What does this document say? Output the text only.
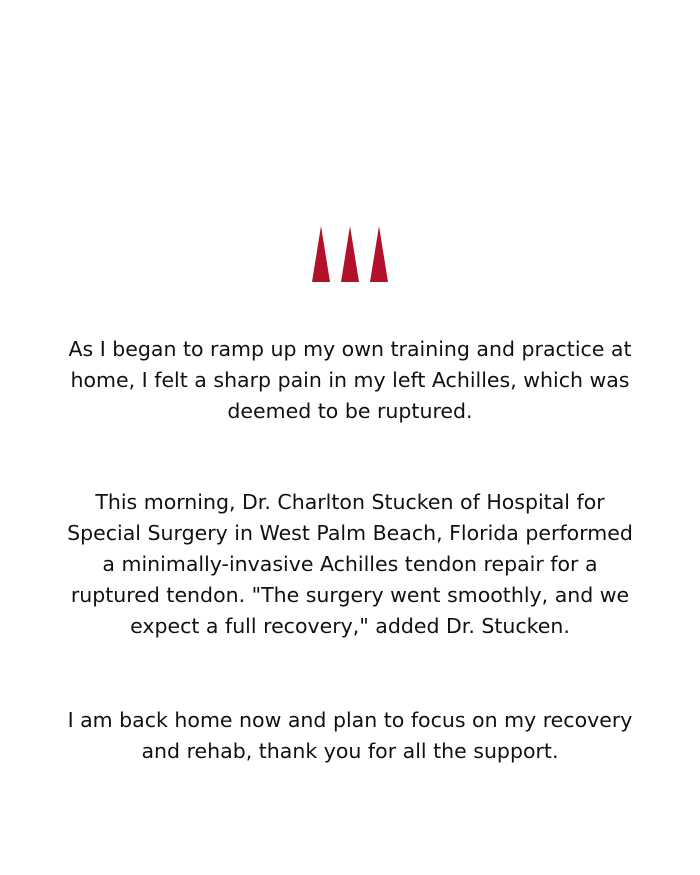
As I began to ramp up my own training and practice at home, I felt a sharp pain in my left Achilles, which was deemed to be ruptured.

This morning, Dr. Charlton Stucken of Hospital for Special Surgery in West Palm Beach, Florida performed a minimally-invasive Achilles tendon repair for a ruptured tendon. "The surgery went smoothly, and we expect a full recovery," added Dr. Stucken.

I am back home now and plan to focus on my recovery and rehab, thank you for all the support.
